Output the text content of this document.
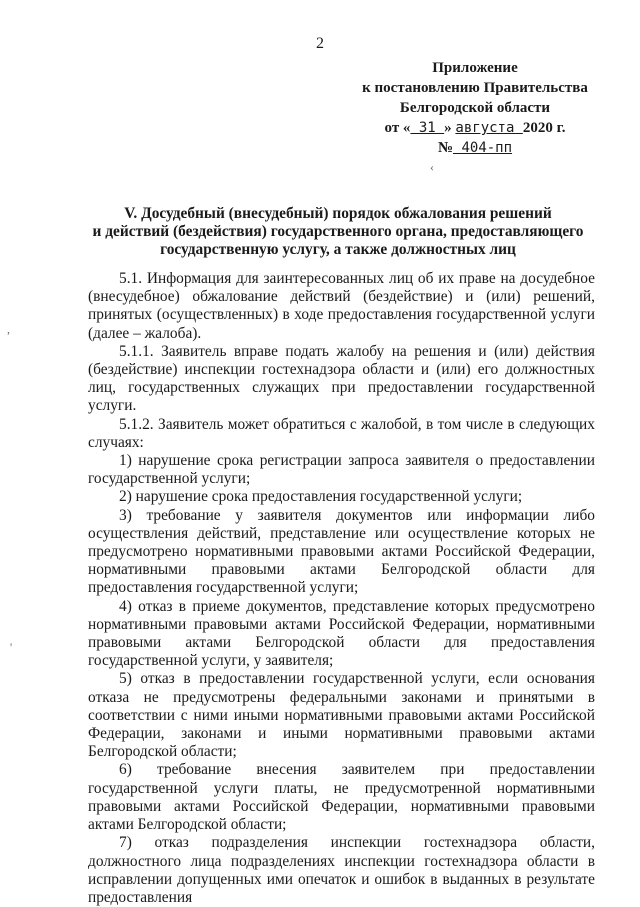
2
Приложение
к постановлению Правительства
Белгородской области
от « 31 » августа 2020 г.
№ 404-пп
‹
,
'
V. Досудебный (внесудебный) порядок обжалования решений
и действий (бездействия) государственного органа, предоставляющего
государственную услугу, а также должностных лиц

5.1. Информация для заинтересованных лиц об их праве на досудебное (внесудебное) обжалование действий (бездействие) и (или) решений, принятых (осуществленных) в ходе предоставления государственной услуги (далее – жалоба).

5.1.1. Заявитель вправе подать жалобу на решения и (или) действия (бездействие) инспекции гостехнадзора области и (или) его должностных лиц, государственных служащих при предоставлении государственной услуги.

5.1.2. Заявитель может обратиться с жалобой, в том числе в следующих случаях:

1) нарушение срока регистрации запроса заявителя о предоставлении государственной услуги;

2) нарушение срока предоставления государственной услуги;

3) требование у заявителя документов или информации либо осуществления действий, представление или осуществление которых не предусмотрено нормативными правовыми актами Российской Федерации, нормативными правовыми актами Белгородской области для предоставления государственной услуги;

4) отказ в приеме документов, представление которых предусмотрено нормативными правовыми актами Российской Федерации, нормативными правовыми актами Белгородской области для предоставления государственной услуги, у заявителя;

5) отказ в предоставлении государственной услуги, если основания отказа не предусмотрены федеральными законами и принятыми в соответствии с ними иными нормативными правовыми актами Российской Федерации, законами и иными нормативными правовыми актами Белгородской области;

6) требование внесения заявителем при предоставлении государственной услуги платы, не предусмотренной нормативными правовыми актами Российской Федерации, нормативными правовыми актами Белгородской области;

7) отказ подразделения инспекции гостехнадзора области, должностного лица подразделениях инспекции гостехнадзора области в исправлении допущенных ими опечаток и ошибок в выданных в результате предоставления
